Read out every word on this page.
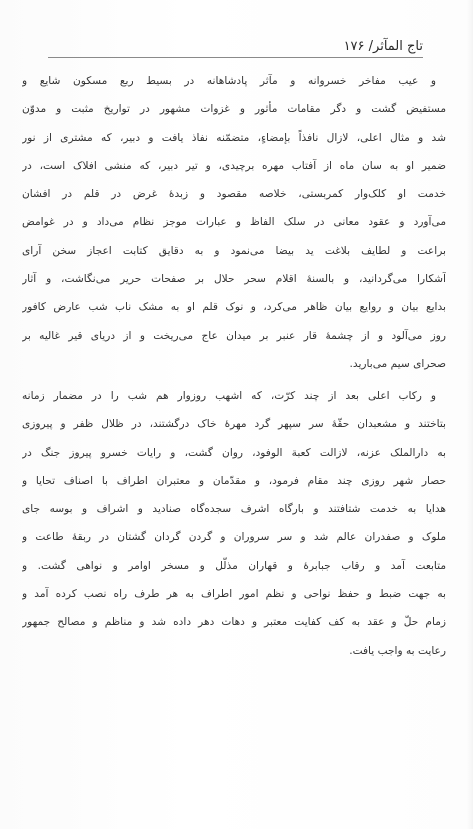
تاج المآثر/ ١٧۶
و عیب مفاخر خسروانه و مآثر پادشاهانه در بسیط ربع مسکون شایع و
مستفیض گشت و دگر مقامات مأثور و غزوات مشهور در تواریخ مثبت و مدوّن
شد و مثال اعلی، لازال نافذاً بإمضاءٍ، متضمّنه نفاذ یافت و دبیر، که مشتری از نور
ضمیر او به سان ماه از آفتاب مهره برچیدی، و تیر دبیر، که منشی افلاک است، در
خدمت او کلک‌وار کمربستی، خلاصه مقصود و زبدهٔ غرض در قلم در افشان
می‌آورد و عقود معانی در سلک الفاظ و عبارات موجز نظام می‌داد و در غوامض
براعت و لطایف بلاغت ید بیضا می‌نمود و به دقایق کتابت اعجاز سخن آرای
آشکارا می‌گردانید، و بالسنهٔ اقلام سحر حلال بر صفحات حریر می‌نگاشت، و آثار
بدایع بیان و روایع بیان ظاهر می‌کرد، و نوک قلم او به مشک ناب شب عارض کافور
روز می‌آلود و از چشمهٔ قار عنبر بر میدان عاج می‌ریخت و از دریای قیر غالیه بر
صحرای سیم می‌بارید.
و رکاب اعلی بعد از چند کرّت، که اشهب روزوار هم شب را در مضمار زمانه
بتاختند و مشعبدان حقّهٔ سر سپهر گرد مهرهٔ خاک درگشتند، در ظلال ظفر و پیروزی
به دارالملک عزنه، لازالت کعبة الوفود، روان گشت، و رایات خسرو پیروز جنگ در
حصار شهر روزی چند مقام فرمود، و مقدّمان و معتبران اطراف با اصناف تحایا و
هدایا به خدمت شتافتند و بارگاه اشرف سجده‌گاه صنادید و اشراف و بوسه جای
ملوک و صفدران عالم شد و سر سروران و گردن گردان گشتان در ربقهٔ طاعت و
متابعت آمد و رقاب جبابرهٔ و قهاران مذلّل و مسخر اوامر و نواهی گشت. و
به جهت ضبط و حفظ نواحی و نظم امور اطراف به هر طرف راه نصب کرده آمد و
زمام حلّ و عقد به کف کفایت معتبر و دهات دهر داده شد و مناظم و مصالح جمهور
رعایت به واجب یافت.
